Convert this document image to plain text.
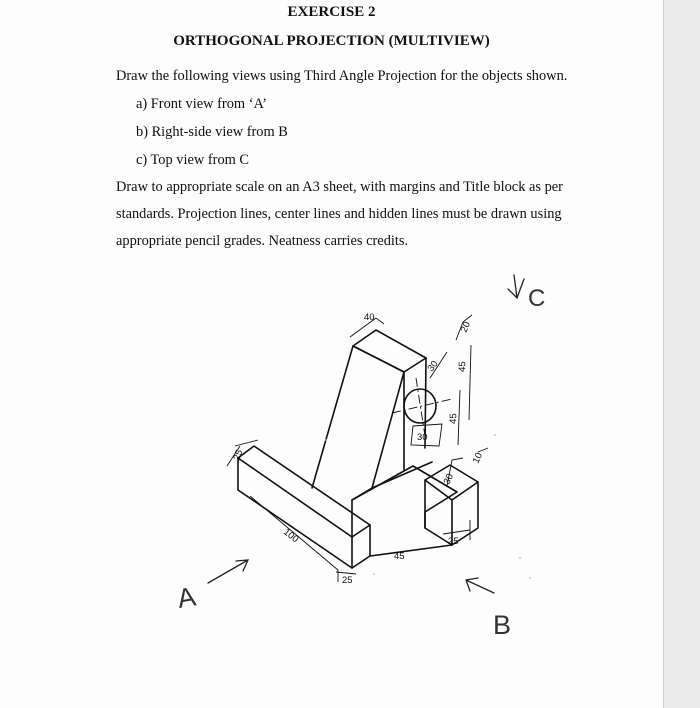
EXERCISE 2
ORTHOGONAL PROJECTION (MULTIVIEW)
Draw the following views using Third Angle Projection for the objects shown.
a) Front view from ‘A’
b) Right-side view from B
c) Top view from C
Draw to appropriate scale on an A3 sheet, with margins and Title block as per
standards. Projection lines, center lines and hidden lines must be drawn using
appropriate pencil grades. Neatness carries credits.
25
100
25
45
25
30
10
40
20
30
30
45
45
A
B
C
